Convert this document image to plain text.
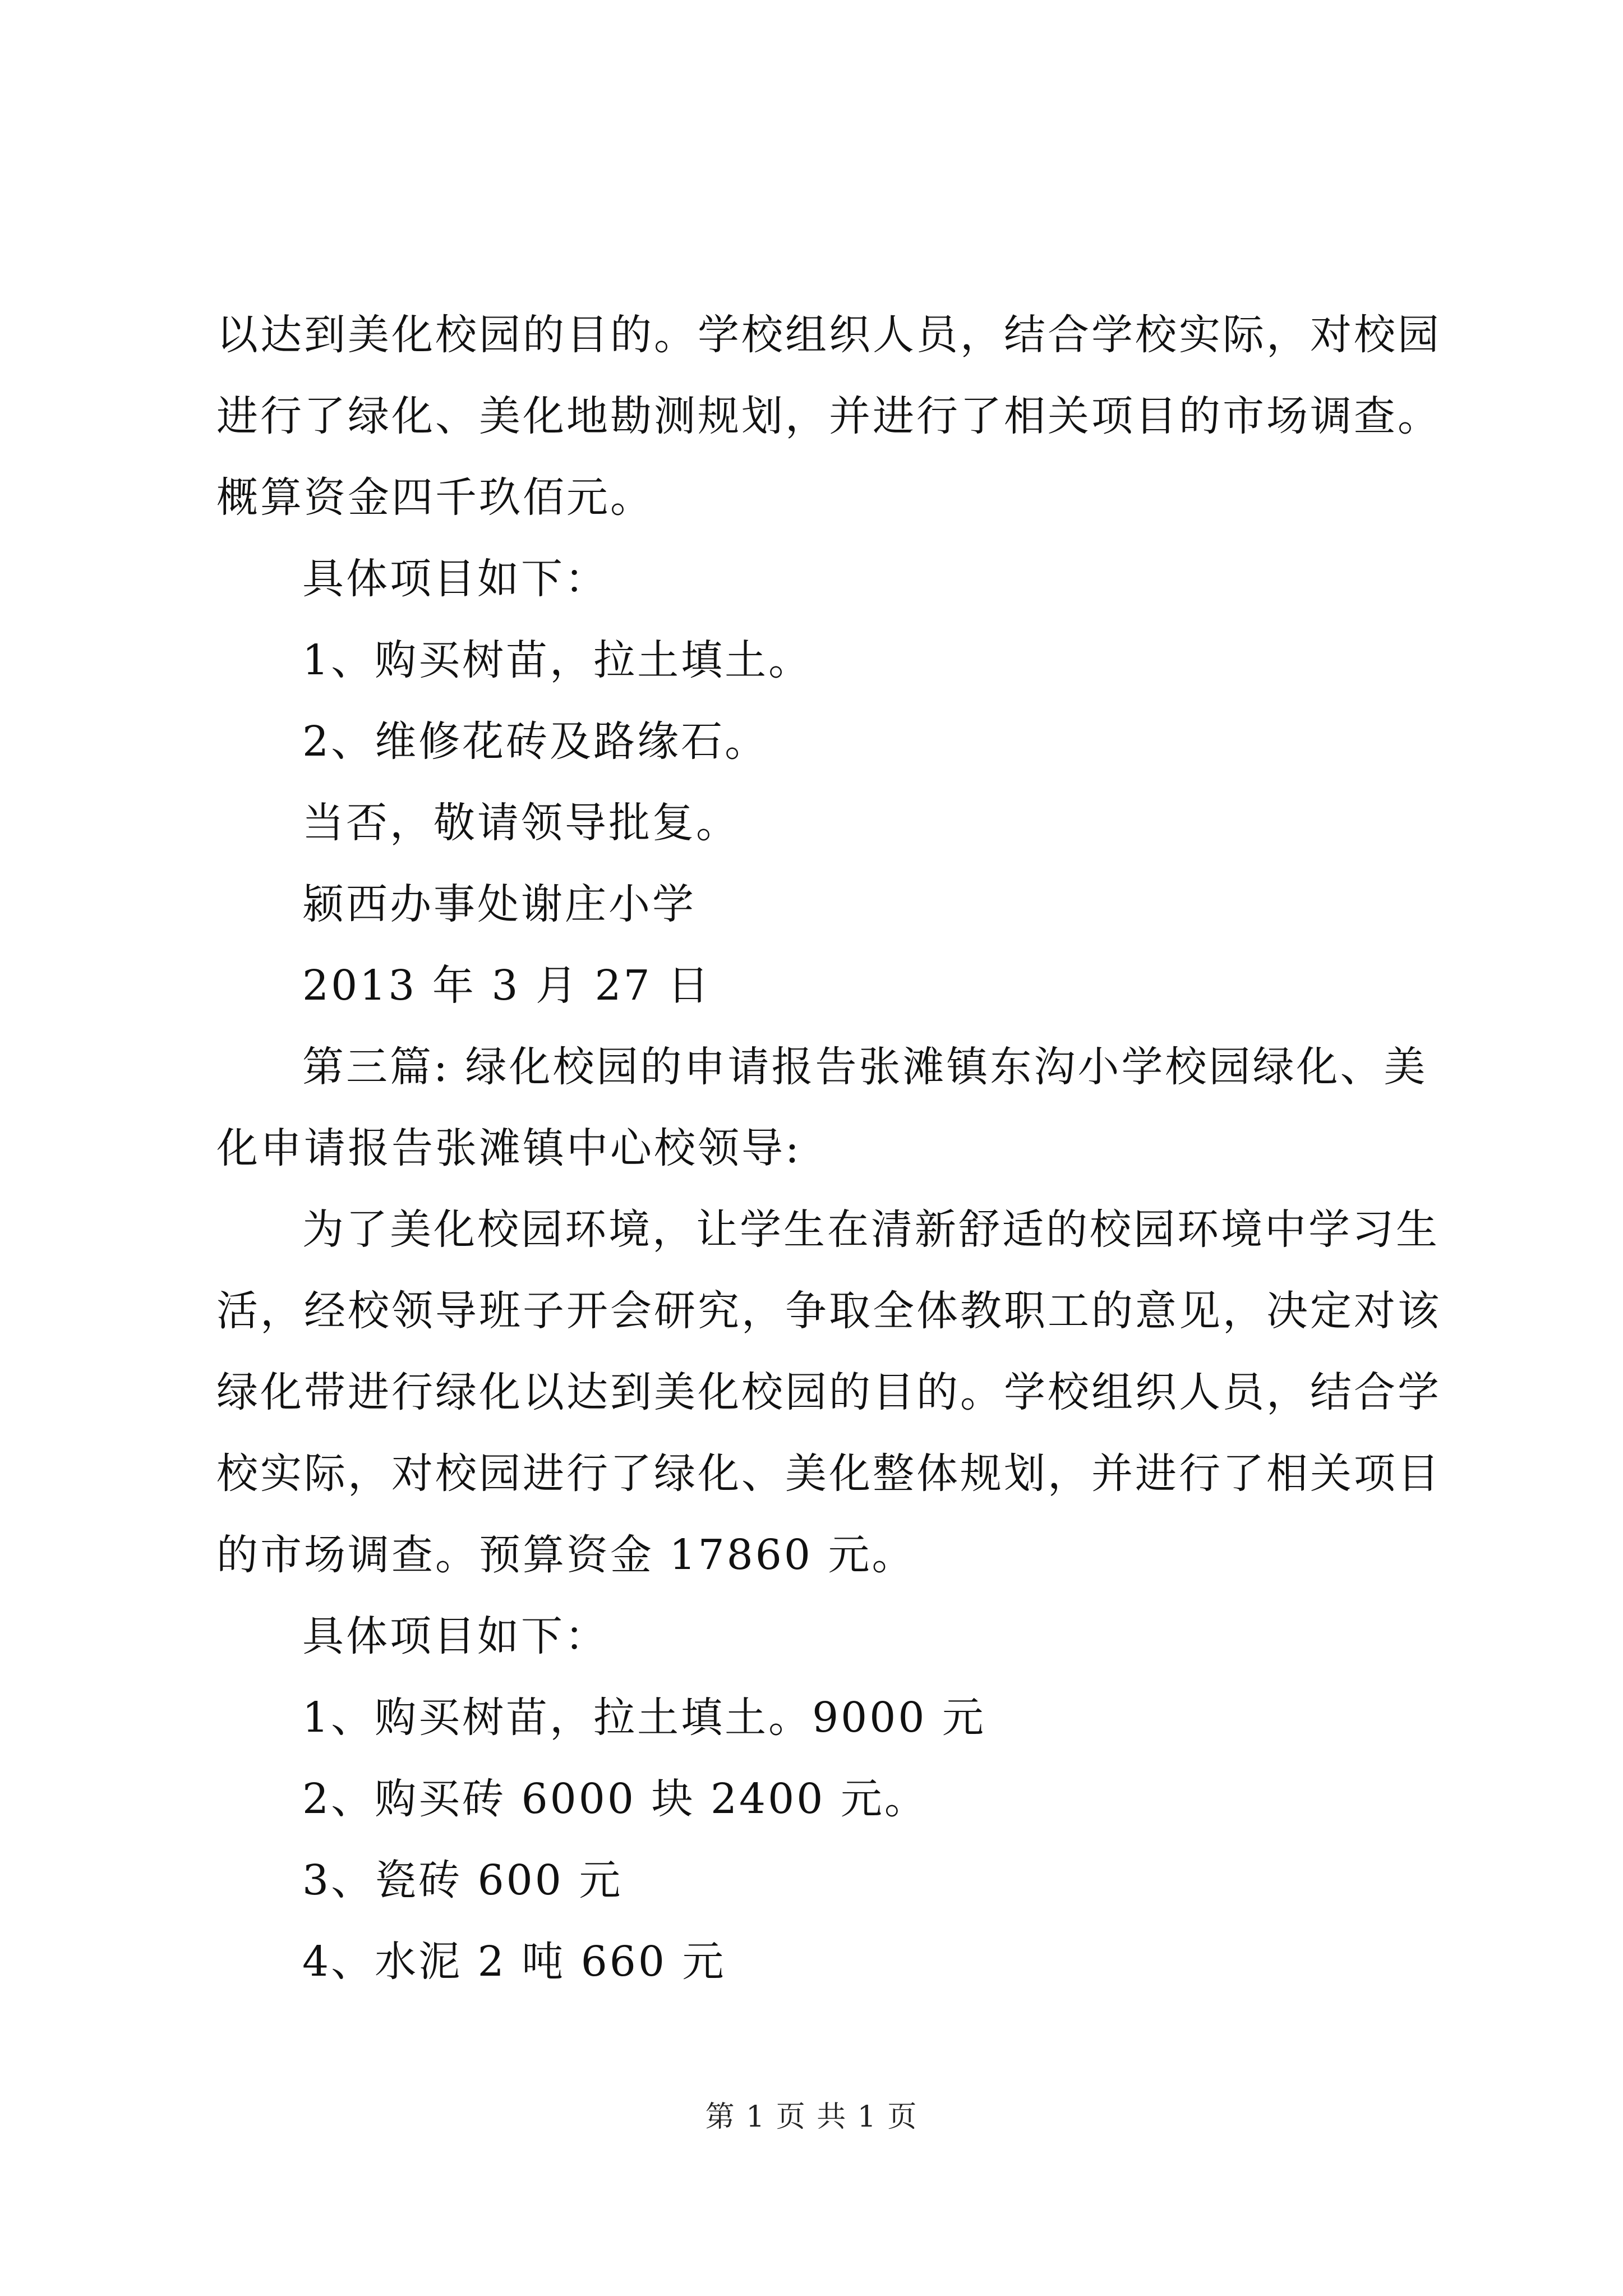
以达到美化校园的目的。学校组织人员，结合学校实际，对校园
进行了绿化、美化地勘测规划，并进行了相关项目的市场调查。
概算资金四千玖佰元。
具体项目如下：
1、购买树苗，拉土填土。
2、维修花砖及路缘石。
当否，敬请领导批复。
颍西办事处谢庄小学
2013 年 3 月 27 日
第三篇: 绿化校园的申请报告张滩镇东沟小学校园绿化、美
化申请报告张滩镇中心校领导:
为了美化校园环境，让学生在清新舒适的校园环境中学习生
活，经校领导班子开会研究，争取全体教职工的意见，决定对该
绿化带进行绿化以达到美化校园的目的。学校组织人员，结合学
校实际，对校园进行了绿化、美化整体规划，并进行了相关项目
的市场调查。预算资金 17860 元。
具体项目如下：
1、购买树苗，拉土填土。9000 元
2、购买砖 6000 块 2400 元。
3、瓷砖 600 元
4、水泥 2 吨 660 元
第 1 页 共 1 页
